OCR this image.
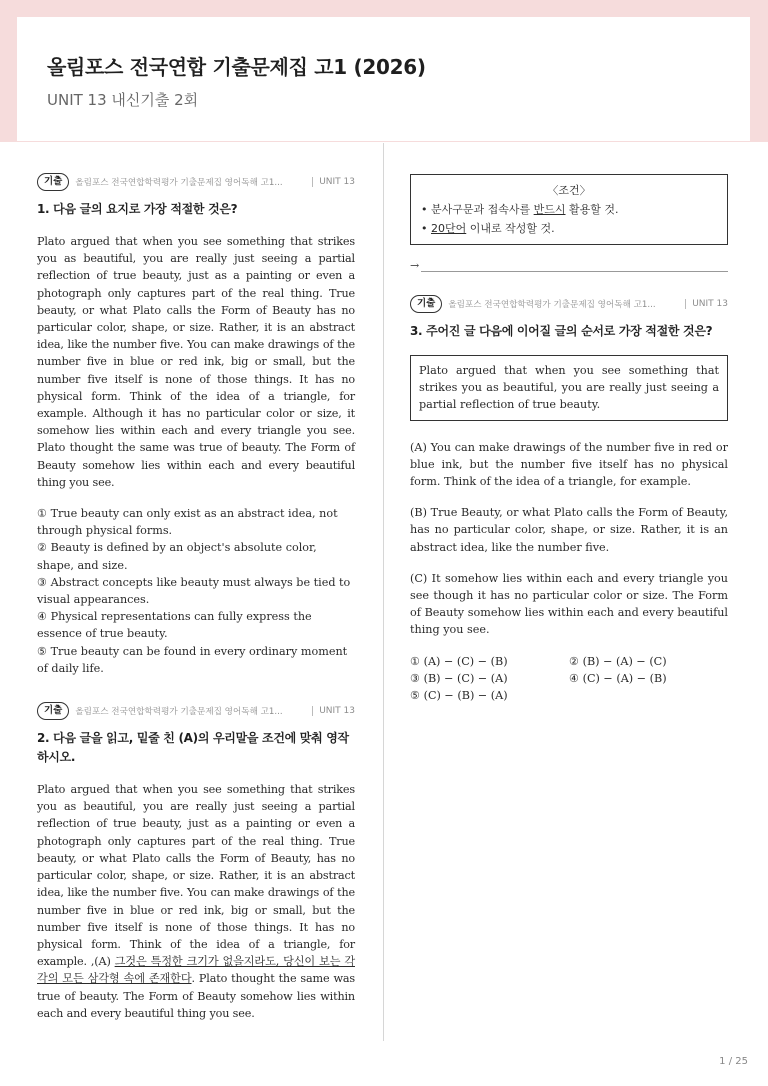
올림포스 전국연합 기출문제집 고1 (2026)
UNIT 13 내신기출 2회
기출	올림포스 전국연합학력평가 기출문제집 영어독해 고1...	UNIT 13
1. 다음 글의 요지로 가장 적절한 것은?

Plato argued that when you see something that strikes you as beautiful, you are really just seeing a partial reflection of true beauty, just as a painting or even a photograph only captures part of the real thing. True beauty, or what Plato calls the Form of Beauty has no particular color, shape, or size. Rather, it is an abstract idea, like the number five. You can make drawings of the number five in blue or red ink, big or small, but the number five itself is none of those things. It has no physical form. Think of the idea of a triangle, for example. Although it has no particular color or size, it somehow lies within each and every triangle you see. Plato thought the same was true of beauty. The Form of Beauty somehow lies within each and every beautiful thing you see.

① True beauty can only exist as an abstract idea, not through physical forms.

② Beauty is defined by an object's absolute color, shape, and size.

③ Abstract concepts like beauty must always be tied to visual appearances.

④ Physical representations can fully express the essence of true beauty.

⑤ True beauty can be found in every ordinary moment of daily life.

기출	올림포스 전국연합학력평가 기출문제집 영어독해 고1...	UNIT 13
2. 다음 글을 읽고, 밑줄 친 (A)의 우리말을 조건에 맞춰 영작하시오.

Plato argued that when you see something that strikes you as beautiful, you are really just seeing a partial reflection of true beauty, just as a painting or even a photograph only captures part of the real thing. True beauty, or what Plato calls the Form of Beauty, has no particular color, shape, or size. Rather, it is an abstract idea, like the number five. You can make drawings of the number five in blue or red ink, big or small, but the number five itself is none of those things. It has no physical form. Think of the idea of a triangle, for example. ,(A) 그것은 특정한 크기가 없을지라도, 당신이 보는 각각의 모든 삼각형 속에 존재한다. Plato thought the same was true of beauty. The Form of Beauty somehow lies within each and every beautiful thing you see.

〈조건〉
• 분사구문과 접속사를 반드시 활용할 것.
• 20단어 이내로 작성할 것.
→
기출	올림포스 전국연합학력평가 기출문제집 영어독해 고1...	UNIT 13
3. 주어진 글 다음에 이어질 글의 순서로 가장 적절한 것은?
Plato argued that when you see something that strikes you as beautiful, you are really just seeing a partial reflection of true beauty.

(A) You can make drawings of the number five in red or blue ink, but the number five itself has no physical form. Think of the idea of a triangle, for example.

(B) True Beauty, or what Plato calls the Form of Beauty, has no particular color, shape, or size. Rather, it is an abstract idea, like the number five.

(C) It somehow lies within each and every triangle you see though it has no particular color or size. The Form of Beauty somehow lies within each and every beautiful thing you see.

① (A) − (C) − (B)	② (B) − (A) − (C)
③ (B) − (C) − (A)	④ (C) − (A) − (B)
⑤ (C) − (B) − (A)
1 / 25
